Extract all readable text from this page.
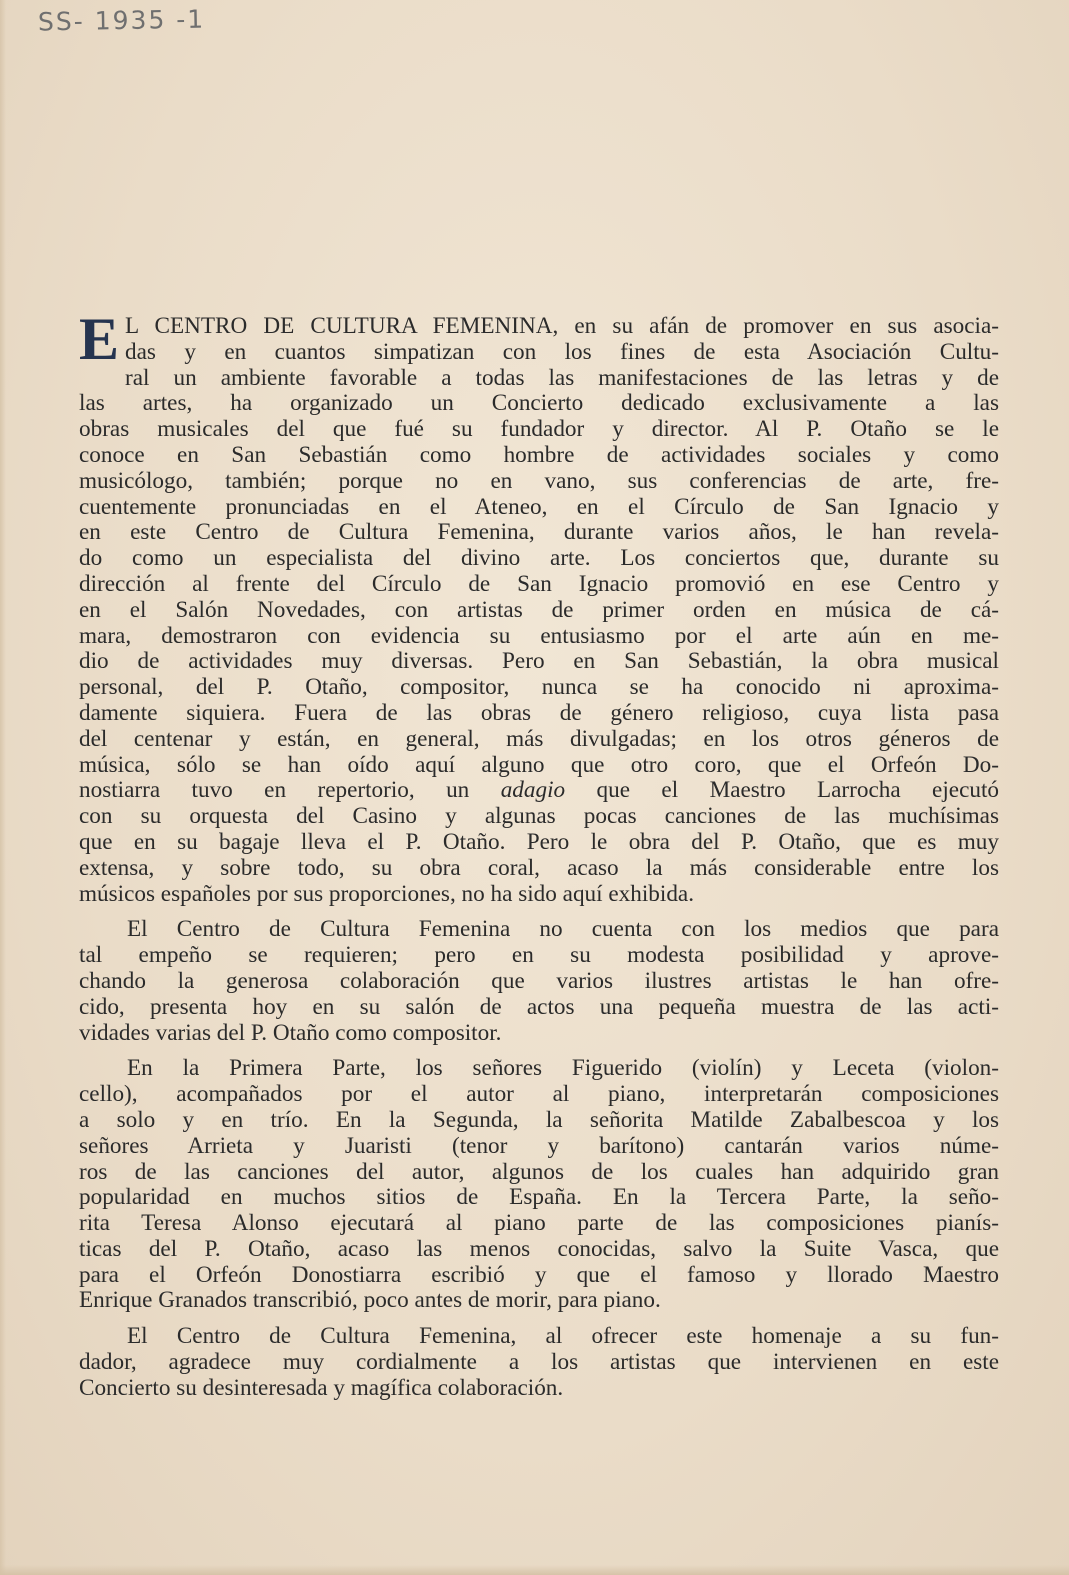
SS- 1935 -1
E L CENTRO DE CULTURA FEMENINA, en su afán de promover en sus asocia-
das y en cuantos simpatizan con los fines de esta Asociación Cultu-
ral un ambiente favorable a todas las manifestaciones de las letras y de
las artes, ha organizado un Concierto dedicado exclusivamente a las
obras musicales del que fué su fundador y director. Al P. Otaño se le
conoce en San Sebastián como hombre de actividades sociales y como
musicólogo, también; porque no en vano, sus conferencias de arte, fre-
cuentemente pronunciadas en el Ateneo, en el Círculo de San Ignacio y
en este Centro de Cultura Femenina, durante varios años, le han revela-
do como un especialista del divino arte. Los conciertos que, durante su
dirección al frente del Círculo de San Ignacio promovió en ese Centro y
en el Salón Novedades, con artistas de primer orden en música de cá-
mara, demostraron con evidencia su entusiasmo por el arte aún en me-
dio de actividades muy diversas. Pero en San Sebastián, la obra musical
personal, del P. Otaño, compositor, nunca se ha conocido ni aproxima-
damente siquiera. Fuera de las obras de género religioso, cuya lista pasa
del centenar y están, en general, más divulgadas; en los otros géneros de
música, sólo se han oído aquí alguno que otro coro, que el Orfeón Do-
nostiarra tuvo en repertorio, un adagio que el Maestro Larrocha ejecutó
con su orquesta del Casino y algunas pocas canciones de las muchísimas
que en su bagaje lleva el P. Otaño. Pero le obra del P. Otaño, que es muy
extensa, y sobre todo, su obra coral, acaso la más considerable entre los
músicos españoles por sus proporciones, no ha sido aquí exhibida.
El Centro de Cultura Femenina no cuenta con los medios que para
tal empeño se requieren; pero en su modesta posibilidad y aprove-
chando la generosa colaboración que varios ilustres artistas le han ofre-
cido, presenta hoy en su salón de actos una pequeña muestra de las acti-
vidades varias del P. Otaño como compositor.
En la Primera Parte, los señores Figuerido (violín) y Leceta (violon-
cello), acompañados por el autor al piano, interpretarán composiciones
a solo y en trío. En la Segunda, la señorita Matilde Zabalbescoa y los
señores Arrieta y Juaristi (tenor y barítono) cantarán varios núme-
ros de las canciones del autor, algunos de los cuales han adquirido gran
popularidad en muchos sitios de España. En la Tercera Parte, la seño-
rita Teresa Alonso ejecutará al piano parte de las composiciones pianís-
ticas del P. Otaño, acaso las menos conocidas, salvo la Suite Vasca, que
para el Orfeón Donostiarra escribió y que el famoso y llorado Maestro
Enrique Granados transcribió, poco antes de morir, para piano.
El Centro de Cultura Femenina, al ofrecer este homenaje a su fun-
dador, agradece muy cordialmente a los artistas que intervienen en este
Concierto su desinteresada y magífica colaboración.
